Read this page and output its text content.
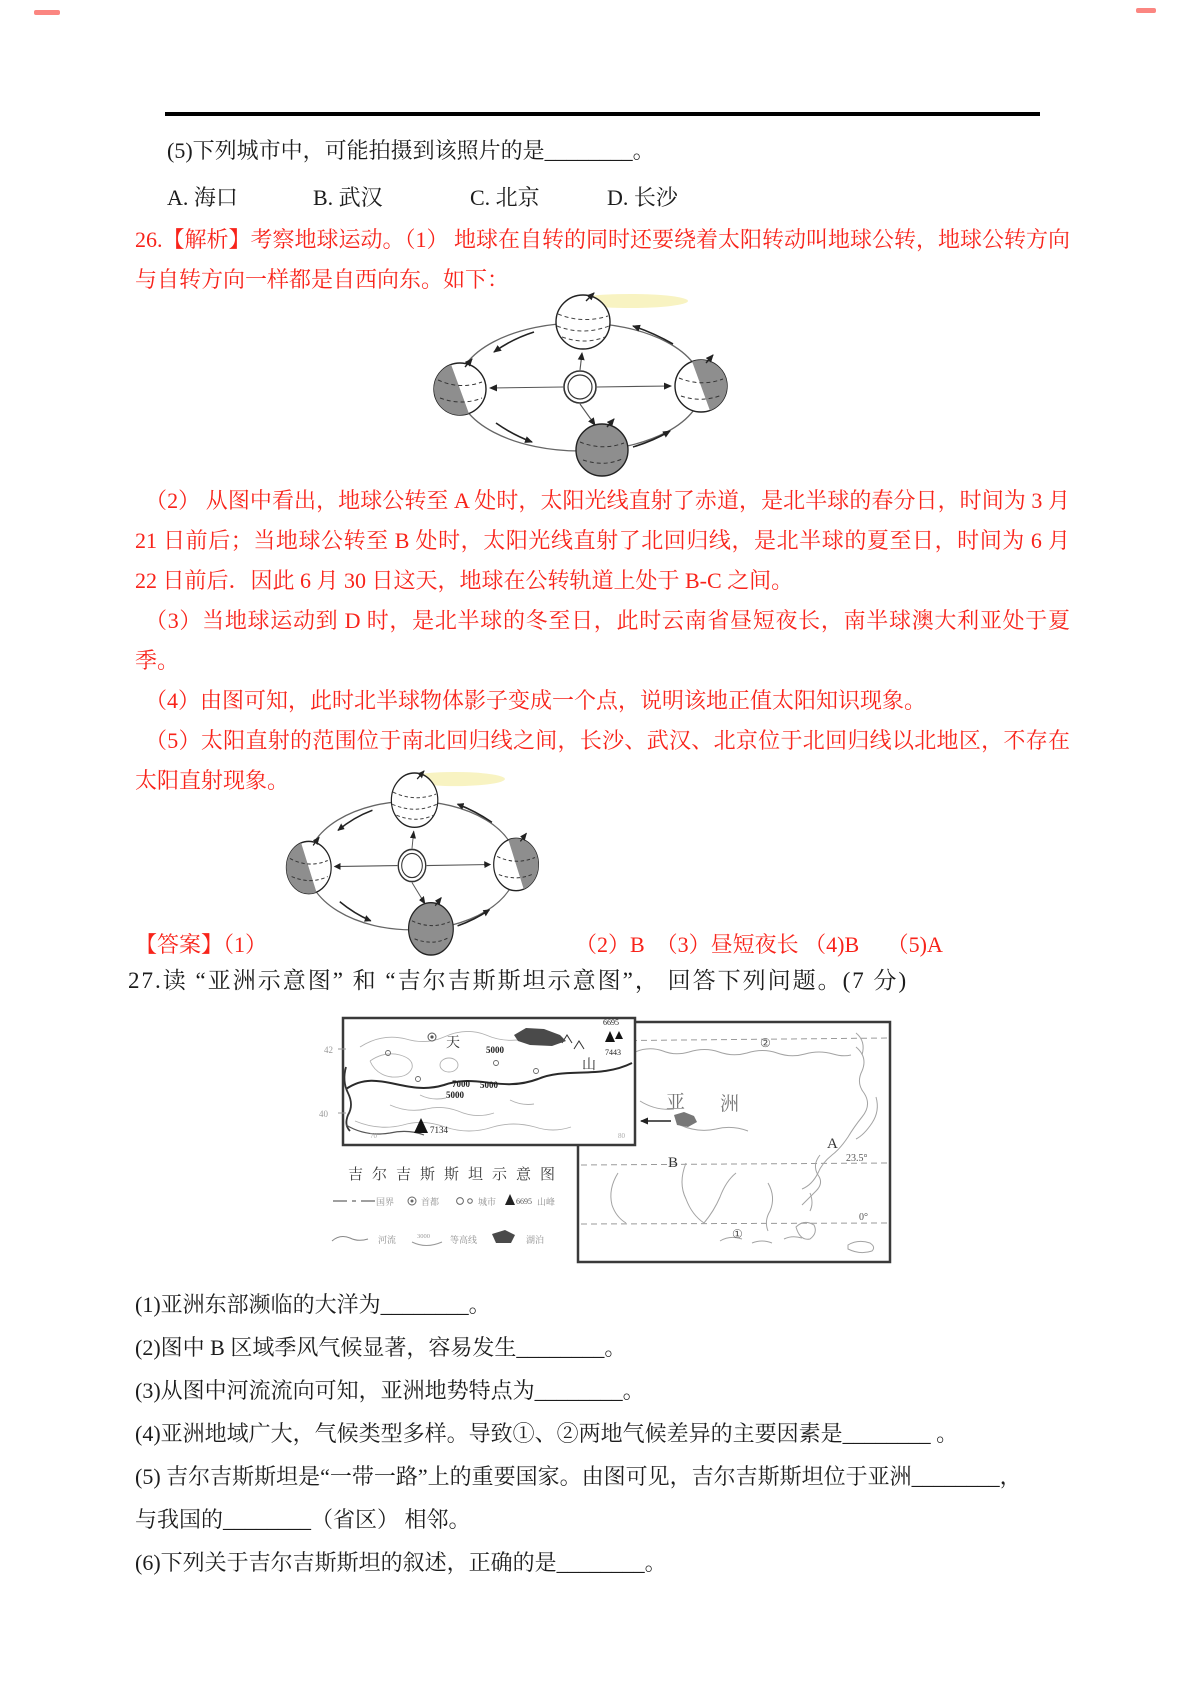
(5)下列城市中，可能拍摄到该照片的是________。
A. 海口	B. 武汉	C. 北京	D. 长沙
26.【解析】考察地球运动。（1） 地球在自转的同时还要绕着太阳转动叫地球公转，地球公转方向与自转方向一样都是自西向东。如下：
（2） 从图中看出，地球公转至 A 处时，太阳光线直射了赤道，是北半球的春分日，时间为 3 月 21 日前后；当地球公转至 B 处时，太阳光线直射了北回归线，是北半球的夏至日，时间为 6 月 22 日前后．因此 6 月 30 日这天，地球在公转轨道上处于 B-C 之间。
（3）当地球运动到 D 时，是北半球的冬至日，此时云南省昼短夜长，南半球澳大利亚处于夏季。
（4）由图可知，此时北半球物体影子变成一个点，说明该地正值太阳知识现象。
（5）太阳直射的范围位于南北回归线之间，长沙、武汉、北京位于北回归线以北地区，不存在太阳直射现象。
【答案】（1）	（2）B　（3）昼短夜长 （4)B　 （5)A
27.读 “亚洲示意图” 和 “吉尔吉斯斯坦示意图”， 回答下列问题。(7 分)
亚 洲
A
B
②
①
23.5°
0°
天
山
5000
7000 5000
5000
7134
6695
7443
42
40
70	80
吉尔吉斯斯坦示意图
国界	首都	城市 6695 山峰
河流	3000 等高线	湖泊
(1)亚洲东部濒临的大洋为________。
(2)图中 B 区域季风气候显著，容易发生________。
(3)从图中河流流向可知，亚洲地势特点为________。
(4)亚洲地域广大，气候类型多样。导致①、②两地气候差异的主要因素是________ 。
(5) 吉尔吉斯斯坦是“一带一路”上的重要国家。由图可见，吉尔吉斯斯坦位于亚洲________，
与我国的________（省区） 相邻。
(6)下列关于吉尔吉斯斯坦的叙述，正确的是________。
